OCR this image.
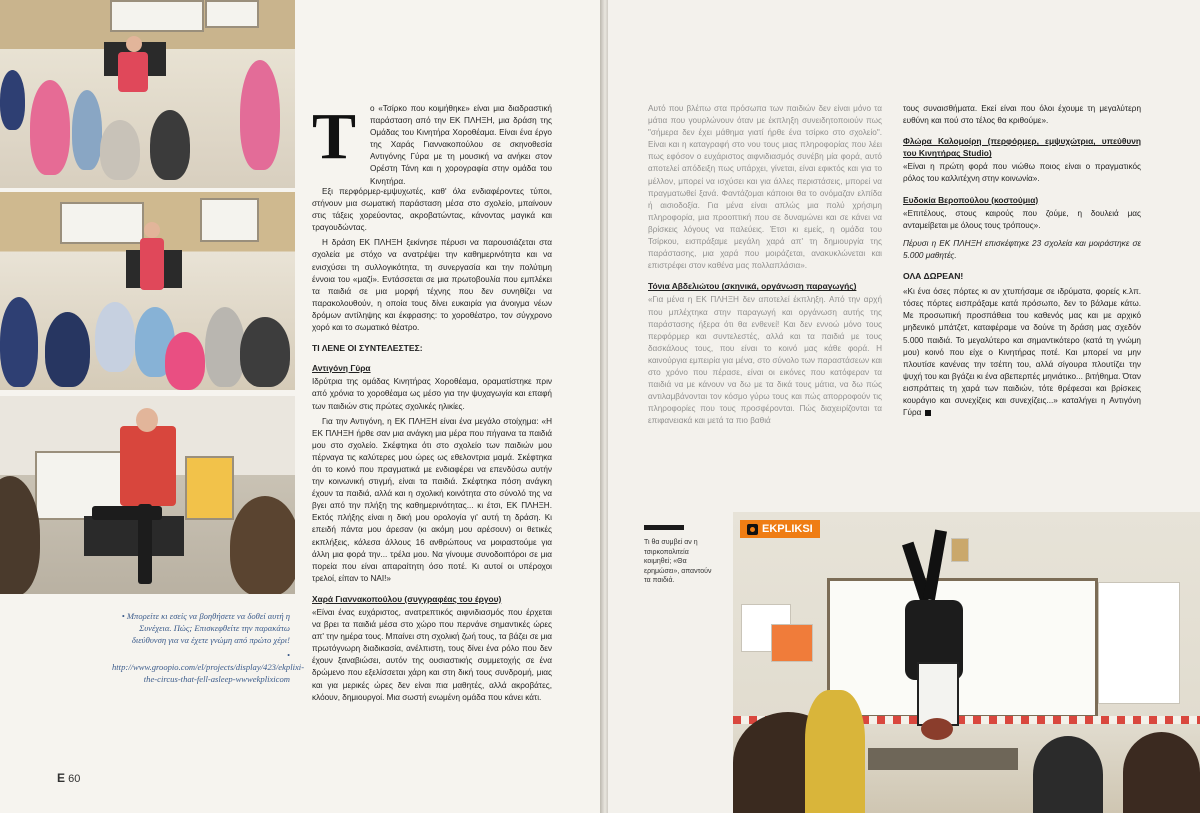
Τ ο «Τσίρκο που κοιμήθηκε» είναι μια διαδραστική παράσταση από την ΕΚ ΠΛΗΞΗ, μια δράση της Ομάδας του Κινητήρα Χοροθέαμα. Είναι ένα έργο της Χαράς Γιαννακοπούλου σε σκηνοθεσία Αντιγόνης Γύρα με τη μουσική να ανήκει στον Ορέστη Τάνη και η χορογραφία στην ομάδα του Κινητήρα.

Εξι περφόρμερ-εμψυχωτές, καθ' όλα ενδιαφέροντες τύποι, στήνουν μια σωματική παράσταση μέσα στο σχολείο, μπαίνουν στις τάξεις χορεύοντας, ακροβατώντας, κάνοντας μαγικά και τραγουδώντας.

Η δράση ΕΚ ΠΛΗΞΗ ξεκίνησε πέρυσι να παρουσιάζεται στα σχολεία με στόχο να ανατρέψει την καθημερινότητα και να ενισχύσει τη συλλογικότητα, τη συνεργασία και την πολύτιμη έννοια του «μαζί». Εντάσσεται σε μια πρωτοβουλία που εμπλέκει τα παιδιά σε μια μορφή τέχνης που δεν συνηθίζει να παρακολουθούν, η οποία τους δίνει ευκαιρία για άνοιγμα νέων δρόμων αντίληψης και έκφρασης: το χοροθέατρο, τον σύγχρονο χορό και το σωματικό θέατρο.

ΤΙ ΛΕΝΕ ΟΙ ΣΥΝΤΕΛΕΣΤΕΣ:
Αντιγόνη Γύρα

Ιδρύτρια της ομάδας Κινητήρας Χοροθέαμα, οραματίστηκε πριν από χρόνια το χοροθέαμα ως μέσο για την ψυχαγωγία και επαφή των παιδιών στις πρώτες σχολικές ηλικίες.

Για την Αντιγόνη, η ΕΚ ΠΛΗΞΗ είναι ένα μεγάλο στοίχημα: «Η ΕΚ ΠΛΗΞΗ ήρθε σαν μια ανάγκη μια μέρα που πήγαινα τα παιδιά μου στο σχολείο. Σκέφτηκα ότι στο σχολείο των παιδιών μου πέρναγα τις καλύτερες μου ώρες ως εθελοντρια μαμά. Σκέφτηκα ότι το κοινό που πραγματικά με ενδιαφέρει να επενδύσω αυτήν την κοινωνική στιγμή, είναι τα παιδιά. Σκέφτηκα πόση ανάγκη έχουν τα παιδιά, αλλά και η σχολική κοινότητα στο σύνολό της να βγει από την πλήξη της καθημερινότητας... κι έτσι, ΕΚ ΠΛΗΞΗ. Εκτός πλήξης είναι η δική μου ορολογία γι' αυτή τη δράση. Κι επειδή πάντα μου άρεσαν (κι ακόμη μου αρέσουν) οι θετικές εκπλήξεις, κάλεσα άλλους 16 ανθρώπους να μοιραστούμε για άλλη μια φορά την... τρέλα μου. Να γίνουμε συνοδοιπόροι σε μια πορεία που είναι απαραίτητη όσο ποτέ. Κι αυτοί οι υπέροχοι τρελοί, είπαν το ΝΑΙ!»

Χαρά Γιαννακοπούλου (συγγραφέας του έργου)

«Είναι ένας ευχάριστος, ανατρεπτικός αιφνιδιασμός που έρχεται να βρει τα παιδιά μέσα στο χώρο που περνάνε σημαντικές ώρες απ' την ημέρα τους. Μπαίνει στη σχολική ζωή τους, τα βάζει σε μια πρωτόγνωρη διαδικασία, ανέλπιστη, τους δίνει ένα ρόλο που δεν έχουν ξαναβιώσει, αυτόν της ουσιαστικής συμμετοχής σε ένα δρώμενο που εξελίσσεται χάρη και στη δική τους συνδρομή, μιας και για μερικές ώρες δεν είναι πια μαθητές, αλλά ακροβάτες, κλόουν, δημιουργοί. Μια σωστή ενωμένη ομάδα που κάνει κάτι.

• Μπορείτε κι εσείς να βοηθήσετε να δοθεί αυτή η Συνέχεια. Πώς; Επισκεφθείτε την παρακάτω διεύθυνση για να έχετε γνώμη από πρώτο χέρι!

• http://www.groopio.com/el/projects/display/423/ekplixi-the-circus-that-fell-asleep-wwwekplixicom

E 60

Αυτό που βλέπω στα πρόσωπα των παιδιών δεν είναι μόνο τα μάτια που γουρλώνουν όταν με έκπληξη συνειδητοποιούν πως "σήμερα δεν έχει μάθημα γιατί ήρθε ένα τσίρκο στο σχολείο". Είναι και η καταγραφή στο νου τους μιας πληροφορίας που λέει πως εφόσον ο ευχάριστος αιφνιδιασμός συνέβη μία φορά, αυτό αποτελεί απόδειξη πως υπάρχει, γίνεται, είναι εφικτός και για το μέλλον, μπορεί να ισχύσει και για άλλες περιστάσεις, μπορεί να πραγματωθεί ξανά. Φαντάζομαι κάποιοι θα το ονόμαζαν ελπίδα ή αισιοδοξία. Για μένα είναι απλώς μια πολύ χρήσιμη πληροφορία, μια προοπτική που σε δυναμώνει και σε κάνει να βρίσκεις λόγους να παλεύεις. Έτσι κι εμείς, η ομάδα του Τσίρκου, εισπράξαμε μεγάλη χαρά απ' τη δημιουργία της παράστασης, μια χαρά που μοιράζεται, ανακυκλώνεται και επιστρέφει στον καθένα μας πολλαπλάσια».

Τόνια Αβδελιώτου (σκηνικά, οργάνωση παραγωγής)

«Για μένα η ΕΚ ΠΛΗΞΗ δεν αποτελεί έκπληξη. Από την αρχή που μπλέχτηκα στην παραγωγή και οργάνωση αυτής της παράστασης ήξερα ότι θα ενθενεί! Και δεν εννοώ μόνο τους περφόρμερ και συντελεστές, αλλά και τα παιδιά με τους δασκάλους τους, που είναι το κοινό μας κάθε φορά. Η καινούργια εμπειρία για μένα, στο σύνολο των παραστάσεων και στο χρόνο που πέρασε, είναι οι εικόνες που κατόφεραν τα παιδιά να με κάνουν να δω με τα δικά τους μάτια, να δω πώς αντιλαμβάνονται τον κόσμο γύρω τους και πώς απορροφούν τις πληροφορίες που τους προσφέρονται. Πώς διαχειρίζονται τα επιφανειακά και μετά τα πιο βαθιά

τους συναισθήματα. Εκεί είναι που όλοι έχουμε τη μεγαλύτερη ευθύνη και πού στο τέλος θα κριθούμε».

Φλώρα Καλομοίρη (περφόρμερ, εμψυχώτρια, υπεύθυνη του Κινητήρας Studio)

«Είναι η πρώτη φορά που νιώθω ποιος είναι ο πραγματικός ρόλος του καλλιτέχνη στην κοινωνία».

Ευδοκία Βεροπούλου (κοστούμια)

«Επιτέλους, στους καιρούς που ζούμε, η δουλειά μας ανταμείβεται με όλους τους τρόπους».

Πέρυσι η ΕΚ ΠΛΗΞΗ επισκέφτηκε 23 σχολεία και μοιράστηκε σε 5.000 μαθητές.

ΟΛΑ ΔΩΡΕΑΝ!

«Κι ένα όσες πόρτες κι αν χτυπήσαμε σε ιδρύματα, φορείς κ.λπ. τόσες πόρτες εισπράξαμε κατά πρόσωπο, δεν το βάλαμε κάτω. Με προσωπική προσπάθεια του καθενός μας και με αρχικό μηδενικό μπάτζετ, καταφέραμε να δούνε τη δράση μας σχεδόν 5.000 παιδιά. Το μεγαλύτερο και σημαντικότερο (κατά τη γνώμη μου) κοινό που είχε ο Κινητήρας ποτέ. Και μπορεί να μην πλουτίσε κανένας την τσέπη του, αλλά σίγουρα πλουτίζει την ψυχή του και βγάζει κι ένα αβεπερπές μηνιάτικο... βιτήθημα. Όταν εισπράττεις τη χαρά των παιδιών, τότε θρέφεσαι και βρίσκεις κουράγιο και συνεχίζεις και συνεχίζεις...» καταλήγει η Αντιγόνη Γύρα

Τι θα συμβεί αν η τσιρκοπολιτεία κοιμηθεί; «Θα ερημώσει», απαντούν τα παιδιά.
EKPLIKSI
